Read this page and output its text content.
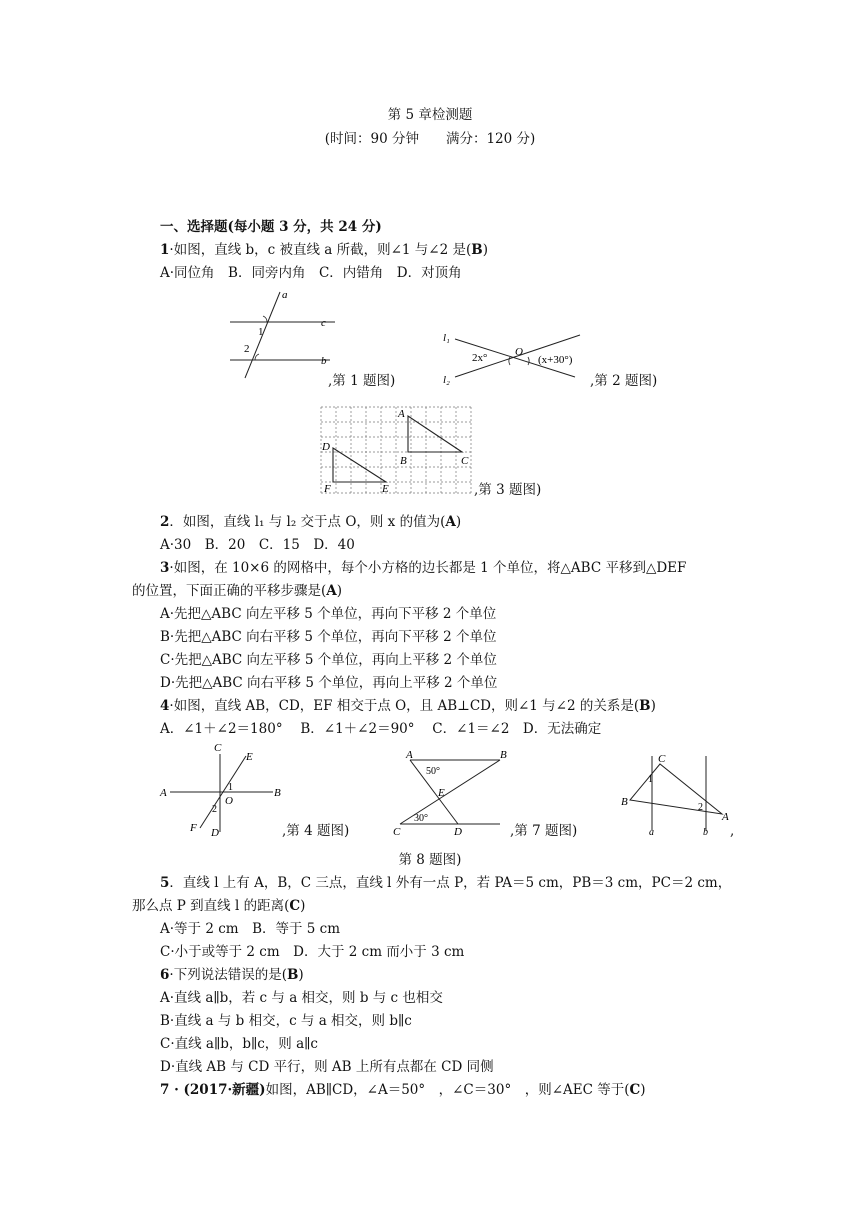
第 5 章检测题
(时间：90 分钟　　满分：120 分)
一、选择题(每小题 3 分，共 24 分)
1·如图，直线 b，c 被直线 a 所截，则∠1 与∠2 是(B)
A·同位角　B．同旁内角　C．内错角　D．对顶角
a
c
1
2
b
,第 1 题图)
l₁
l₂
2x°	O
(x+30°)
,第 2 题图)
A
D
B	C
F	E	,第 3 题图)
2．如图，直线 l₁ 与 l₂ 交于点 O，则 x 的值为(A)
A·30　B．20　C．15　D．40
3·如图，在 10×6 的网格中，每个小方格的边长都是 1 个单位，将△ABC 平移到△DEF
的位置，下面正确的平移步骤是(A)
A·先把△ABC 向左平移 5 个单位，再向下平移 2 个单位
B·先把△ABC 向右平移 5 个单位，再向下平移 2 个单位
C·先把△ABC 向左平移 5 个单位，再向上平移 2 个单位
D·先把△ABC 向右平移 5 个单位，再向上平移 2 个单位
4·如图，直线 AB，CD，EF 相交于点 O，且 AB⊥CD，则∠1 与∠2 的关系是(B)
A．∠1＋∠2＝180°　 B．∠1＋∠2＝90°　 C．∠1＝∠2　D．无法确定
C
E
A	B
1
O
2
F D	,第 4 题图)
A
50°
B
E
C
30°
D	,第 7 题图)
C
1
B	2
A
a	b ,
第 8 题图)
5．直线 l 上有 A，B，C 三点，直线 l 外有一点 P，若 PA＝5 cm，PB＝3 cm，PC＝2 cm，
那么点 P 到直线 l 的距离(C)
A·等于 2 cm　B．等于 5 cm
C·小于或等于 2 cm　D．大于 2 cm 而小于 3 cm
6·下列说法错误的是(B)
A·直线 a∥b，若 c 与 a 相交，则 b 与 c 也相交
B·直线 a 与 b 相交，c 与 a 相交，则 b∥c
C·直线 a∥b，b∥c，则 a∥c
D·直线 AB 与 CD 平行，则 AB 上所有点都在 CD 同侧
7 · (2017·新疆)如图，AB∥CD，∠A＝50°　，∠C＝30°　，则∠AEC 等于(C)
